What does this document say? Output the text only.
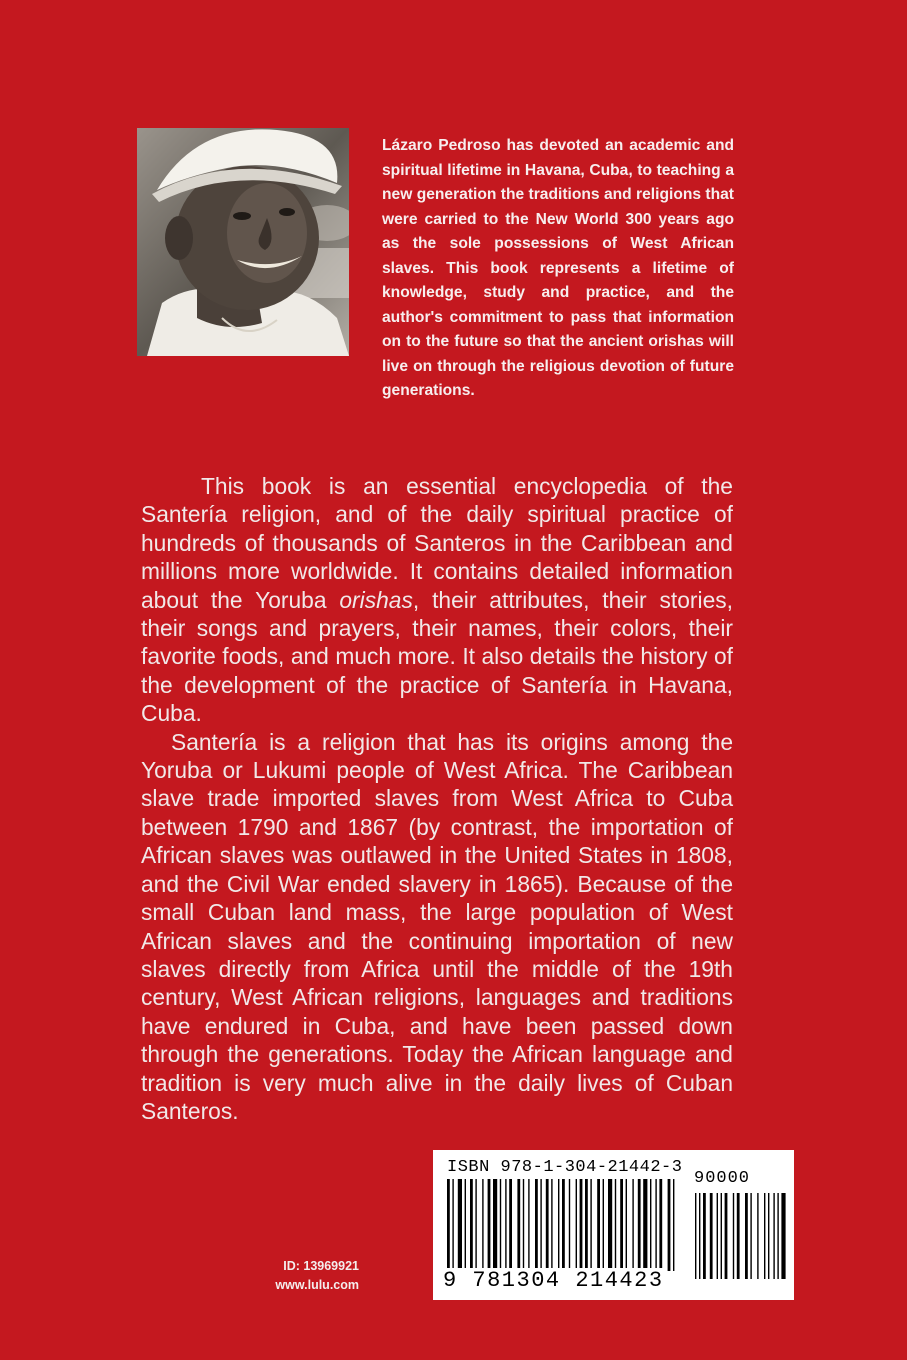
Lázaro Pedroso has devoted an academic and spiritual lifetime in Havana, Cuba, to teaching a new generation the traditions and religions that were carried to the New World 300 years ago as the sole possessions of West African slaves. This book represents a lifetime of knowledge, study and practice, and the author's commitment to pass that information on to the future so that the ancient orishas will live on through the religious devotion of future generations.

This book is an essential encyclopedia of the Santería religion, and of the daily spiritual practice of hundreds of thousands of Santeros in the Caribbean and millions more worldwide. It contains detailed information about the Yoruba orishas, their attributes, their stories, their songs and prayers, their names, their colors, their favorite foods, and much more. It also details the history of the development of the practice of Santería in Havana, Cuba.

Santería is a religion that has its origins among the Yoruba or Lukumi people of West Africa. The Caribbean slave trade imported slaves from West Africa to Cuba between 1790 and 1867 (by contrast, the importation of African slaves was outlawed in the United States in 1808, and the Civil War ended slavery in 1865). Because of the small Cuban land mass, the large population of West African slaves and the continuing importation of new slaves directly from Africa until the middle of the 19th century, West African religions, languages and traditions have endured in Cuba, and have been passed down through the generations. Today the African language and tradition is very much alive in the daily lives of Cuban Santeros.

ID: 13969921
www.lulu.com
ISBN 978-1-304-21442-3
90000
9 781304 214423
